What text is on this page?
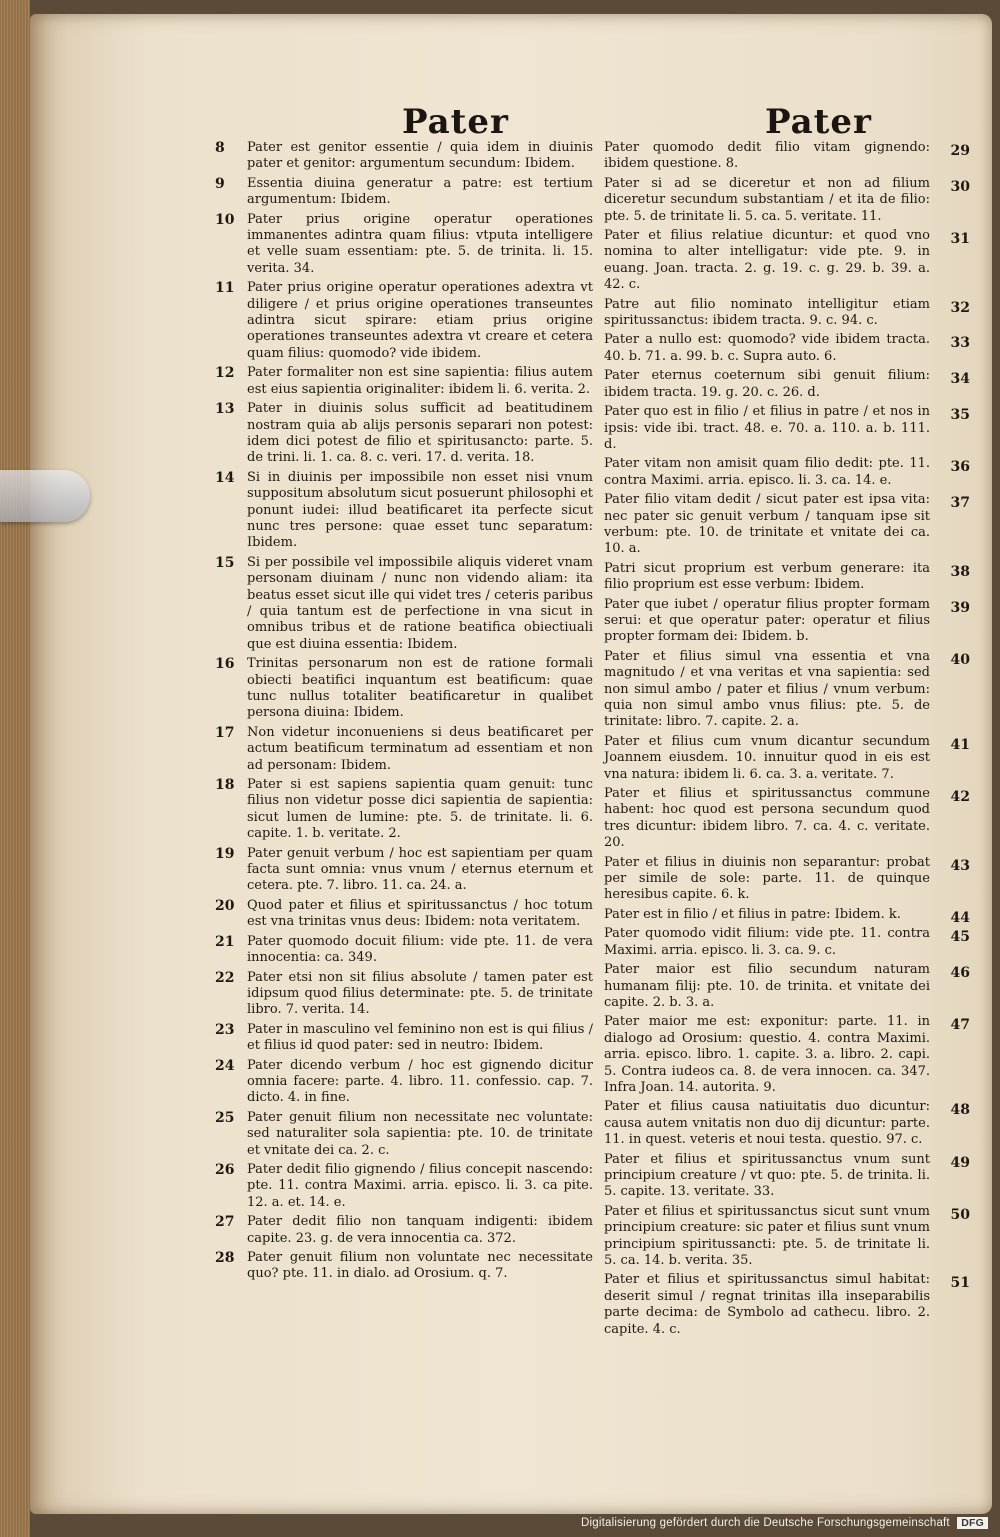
Pater	Pater
8 Pater est genitor essentie / quia idem in diuinis pater et genitor: argumentum secundum: Ibidem.
9 Essentia diuina generatur a patre: est tertium argumentum: Ibidem.
10 Pater prius origine operatur operationes immanentes adintra quam filius: vtputa intelligere et velle suam essentiam: pte. 5. de trinita. li. 15. verita. 34.
11 Pater prius origine operatur operationes adextra vt diligere / et prius origine operationes transeuntes adintra sicut spirare: etiam prius origine operationes transeuntes adextra vt creare et cetera quam filius: quomodo? vide ibidem.
12 Pater formaliter non est sine sapientia: filius autem est eius sapientia originaliter: ibidem li. 6. verita. 2.
13 Pater in diuinis solus sufficit ad beatitudinem nostram quia ab alijs personis separari non potest: idem dici potest de filio et spiritusancto: parte. 5. de trini. li. 1. ca. 8. c. veri. 17. d. verita. 18.
14 Si in diuinis per impossibile non esset nisi vnum suppositum absolutum sicut posuerunt philosophi et ponunt iudei: illud beatificaret ita perfecte sicut nunc tres persone: quae esset tunc separatum: Ibidem.
15 Si per possibile vel impossibile aliquis videret vnam personam diuinam / nunc non videndo aliam: ita beatus esset sicut ille qui videt tres / ceteris paribus / quia tantum est de perfectione in vna sicut in omnibus tribus et de ratione beatifica obiectiuali que est diuina essentia: Ibidem.
16 Trinitas personarum non est de ratione formali obiecti beatifici inquantum est beatificum: quae tunc nullus totaliter beatificaretur in qualibet persona diuina: Ibidem.
17 Non videtur inconueniens si deus beatificaret per actum beatificum terminatum ad essentiam et non ad personam: Ibidem.
18 Pater si est sapiens sapientia quam genuit: tunc filius non videtur posse dici sapientia de sapientia: sicut lumen de lumine: pte. 5. de trinitate. li. 6. capite. 1. b. veritate. 2.
19 Pater genuit verbum / hoc est sapientiam per quam facta sunt omnia: vnus vnum / eternus eternum et cetera. pte. 7. libro. 11. ca. 24. a.
20 Quod pater et filius et spiritussanctus / hoc totum est vna trinitas vnus deus: Ibidem: nota veritatem.
21 Pater quomodo docuit filium: vide pte. 11. de vera innocentia: ca. 349.
22 Pater etsi non sit filius absolute / tamen pater est idipsum quod filius determinate: pte. 5. de trinitate libro. 7. verita. 14.
23 Pater in masculino vel feminino non est is qui filius / et filius id quod pater: sed in neutro: Ibidem.
24 Pater dicendo verbum / hoc est gignendo dicitur omnia facere: parte. 4. libro. 11. confessio. cap. 7. dicto. 4. in fine.
25 Pater genuit filium non necessitate nec voluntate: sed naturaliter sola sapientia: pte. 10. de trinitate et vnitate dei ca. 2. c.
26 Pater dedit filio gignendo / filius concepit nascendo: pte. 11. contra Maximi. arria. episco. li. 3. ca pite. 12. a. et. 14. e.
27 Pater dedit filio non tanquam indigenti: ibidem capite. 23. g. de vera innocentia ca. 372.
28 Pater genuit filium non voluntate nec necessitate quo? pte. 11. in dialo. ad Orosium. q. 7.
29
Pater quomodo dedit filio vitam gignendo: ibidem questione. 8.
30
Pater si ad se diceretur et non ad filium diceretur secundum substantiam / et ita de filio: pte. 5. de trinitate li. 5. ca. 5. veritate. 11.
31
Pater et filius relatiue dicuntur: et quod vno nomina to alter intelligatur: vide pte. 9. in euang. Joan. tracta. 2. g. 19. c. g. 29. b. 39. a. 42. c.
32
Patre aut filio nominato intelligitur etiam spiritussanctus: ibidem tracta. 9. c. 94. c.
33
Pater a nullo est: quomodo? vide ibidem tracta. 40. b. 71. a. 99. b. c. Supra auto. 6.
34
Pater eternus coeternum sibi genuit filium: ibidem tracta. 19. g. 20. c. 26. d.
35
Pater quo est in filio / et filius in patre / et nos in ipsis: vide ibi. tract. 48. e. 70. a. 110. a. b. 111. d.
36
Pater vitam non amisit quam filio dedit: pte. 11. contra Maximi. arria. episco. li. 3. ca. 14. e.
37
Pater filio vitam dedit / sicut pater est ipsa vita: nec pater sic genuit verbum / tanquam ipse sit verbum: pte. 10. de trinitate et vnitate dei ca. 10. a.
38
Patri sicut proprium est verbum generare: ita filio proprium est esse verbum: Ibidem.
39
Pater que iubet / operatur filius propter formam serui: et que operatur pater: operatur et filius propter formam dei: Ibidem. b.
40
Pater et filius simul vna essentia et vna magnitudo / et vna veritas et vna sapientia: sed non simul ambo / pater et filius / vnum verbum: quia non simul ambo vnus filius: pte. 5. de trinitate: libro. 7. capite. 2. a.
41
Pater et filius cum vnum dicantur secundum Joannem eiusdem. 10. innuitur quod in eis est vna natura: ibidem li. 6. ca. 3. a. veritate. 7.
42
Pater et filius et spiritussanctus commune habent: hoc quod est persona secundum quod tres dicuntur: ibidem libro. 7. ca. 4. c. veritate. 20.
43
Pater et filius in diuinis non separantur: probat per simile de sole: parte. 11. de quinque heresibus capite. 6. k.
44
Pater est in filio / et filius in patre: Ibidem. k.
45
Pater quomodo vidit filium: vide pte. 11. contra Maximi. arria. episco. li. 3. ca. 9. c.
46
Pater maior est filio secundum naturam humanam filij: pte. 10. de trinita. et vnitate dei capite. 2. b. 3. a.
47
Pater maior me est: exponitur: parte. 11. in dialogo ad Orosium: questio. 4. contra Maximi. arria. episco. libro. 1. capite. 3. a. libro. 2. capi. 5. Contra iudeos ca. 8. de vera innocen. ca. 347. Infra Joan. 14. autorita. 9.
48
Pater et filius causa natiuitatis duo dicuntur: causa autem vnitatis non duo dij dicuntur: parte. 11. in quest. veteris et noui testa. questio. 97. c.
49
Pater et filius et spiritussanctus vnum sunt principium creature / vt quo: pte. 5. de trinita. li. 5. capite. 13. veritate. 33.
50
Pater et filius et spiritussanctus sicut sunt vnum principium creature: sic pater et filius sunt vnum principium spiritussancti: pte. 5. de trinitate li. 5. ca. 14. b. verita. 35.
51
Pater et filius et spiritussanctus simul habitat: deserit simul / regnat trinitas illa inseparabilis parte decima: de Symbolo ad cathecu. libro. 2. capite. 4. c.
Digitalisierung gefördert durch die Deutsche Forschungsgemeinschaft DFG
